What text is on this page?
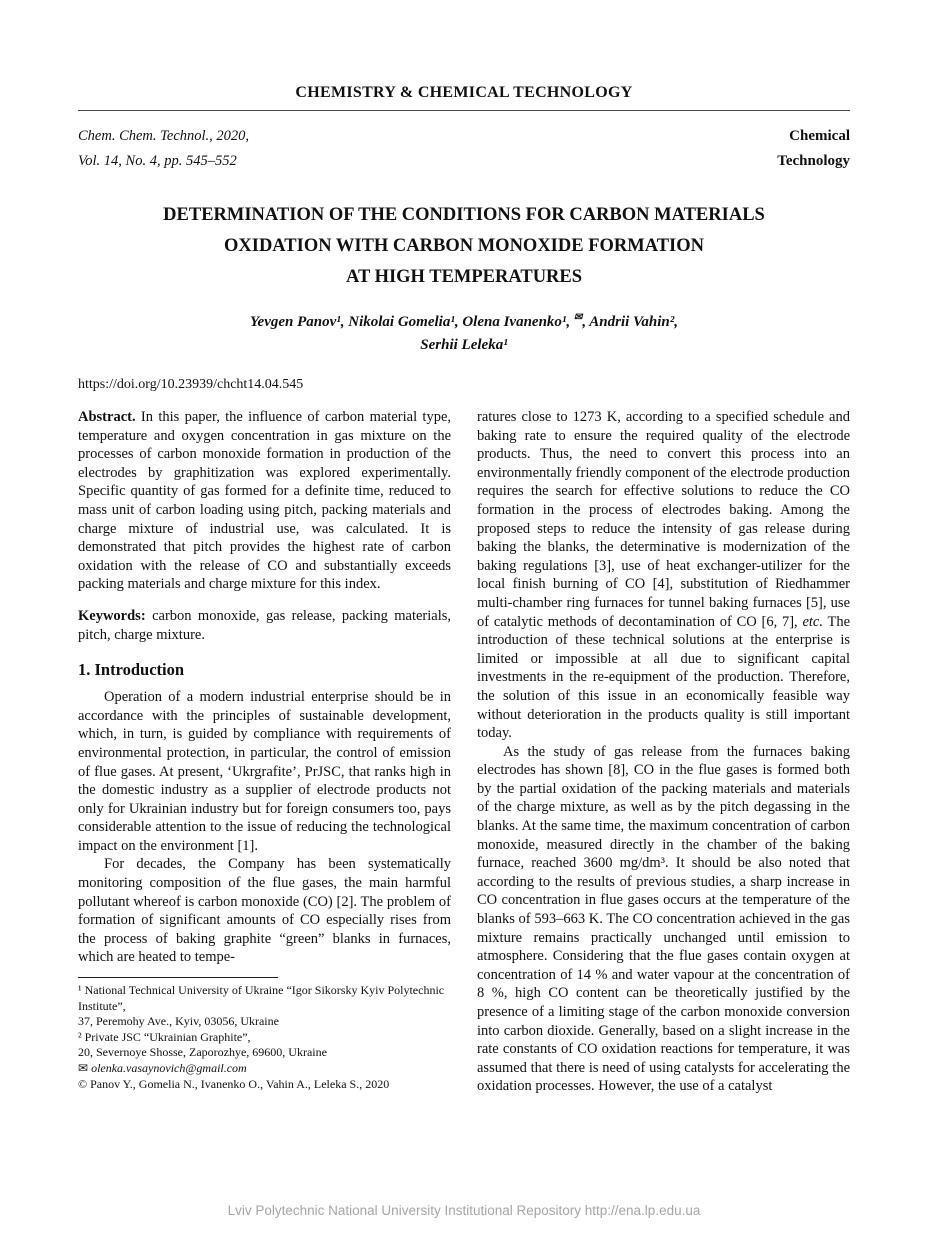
CHEMISTRY & CHEMICAL TECHNOLOGY
Chem. Chem. Technol., 2020,
Vol. 14, No. 4, pp. 545–552
Chemical
Technology
DETERMINATION OF THE CONDITIONS FOR CARBON MATERIALS
OXIDATION WITH CARBON MONOXIDE FORMATION
AT HIGH TEMPERATURES
Yevgen Panov¹, Nikolai Gomelia¹, Olena Ivanenko¹, ✉, Andrii Vahin²,
Serhii Leleka¹
https://doi.org/10.23939/chcht14.04.545

Abstract. In this paper, the influence of carbon material type, temperature and oxygen concentration in gas mixture on the processes of carbon monoxide formation in production of the electrodes by graphitization was explored experimentally. Specific quantity of gas formed for a definite time, reduced to mass unit of carbon loading using pitch, packing materials and charge mixture of industrial use, was calculated. It is demonstrated that pitch provides the highest rate of carbon oxidation with the release of CO and substantially exceeds packing materials and charge mixture for this index.

Keywords: carbon monoxide, gas release, packing materials, pitch, charge mixture.

1. Introduction

Operation of a modern industrial enterprise should be in accordance with the principles of sustainable development, which, in turn, is guided by compliance with requirements of environmental protection, in particular, the control of emission of flue gases. At present, ‘Ukrgrafite’, PrJSC, that ranks high in the domestic industry as a supplier of electrode products not only for Ukrainian industry but for foreign consumers too, pays considerable attention to the issue of reducing the technological impact on the environment [1].

For decades, the Company has been systematically monitoring composition of the flue gases, the main harmful pollutant whereof is carbon monoxide (CO) [2]. The problem of formation of significant amounts of CO especially rises from the process of baking graphite “green” blanks in furnaces, which are heated to tempe-

¹ National Technical University of Ukraine “Igor Sikorsky Kyiv Polytechnic Institute”,
37, Peremohy Ave., Kyiv, 03056, Ukraine
² Private JSC “Ukrainian Graphite”,
20, Severnoye Shosse, Zaporozhye, 69600, Ukraine
✉ olenka.vasaynovich@gmail.com
© Panov Y., Gomelia N., Ivanenko O., Vahin A., Leleka S., 2020

ratures close to 1273 K, according to a specified schedule and baking rate to ensure the required quality of the electrode products. Thus, the need to convert this process into an environmentally friendly component of the electrode production requires the search for effective solutions to reduce the CO formation in the process of electrodes baking. Among the proposed steps to reduce the intensity of gas release during baking the blanks, the determinative is modernization of the baking regulations [3], use of heat exchanger-utilizer for the local finish burning of CO [4], substitution of Riedhammer multi-chamber ring furnaces for tunnel baking furnaces [5], use of catalytic methods of decontamination of CO [6, 7], etc. The introduction of these technical solutions at the enterprise is limited or impossible at all due to significant capital investments in the re-equipment of the production. Therefore, the solution of this issue in an economically feasible way without deterioration in the products quality is still important today.

As the study of gas release from the furnaces baking electrodes has shown [8], CO in the flue gases is formed both by the partial oxidation of the packing materials and materials of the charge mixture, as well as by the pitch degassing in the blanks. At the same time, the maximum concentration of carbon monoxide, measured directly in the chamber of the baking furnace, reached 3600 mg/dm³. It should be also noted that according to the results of previous studies, a sharp increase in CO concentration in flue gases occurs at the temperature of the blanks of 593–663 K. The CO concentration achieved in the gas mixture remains practically unchanged until emission to atmosphere. Considering that the flue gases contain oxygen at concentration of 14 % and water vapour at the concentration of 8 %, high CO content can be theoretically justified by the presence of a limiting stage of the carbon monoxide conversion into carbon dioxide. Generally, based on a slight increase in the rate constants of CO oxidation reactions for temperature, it was assumed that there is need of using catalysts for accelerating the oxidation processes. However, the use of a catalyst

Lviv Polytechnic National University Institutional Repository http://ena.lp.edu.ua
